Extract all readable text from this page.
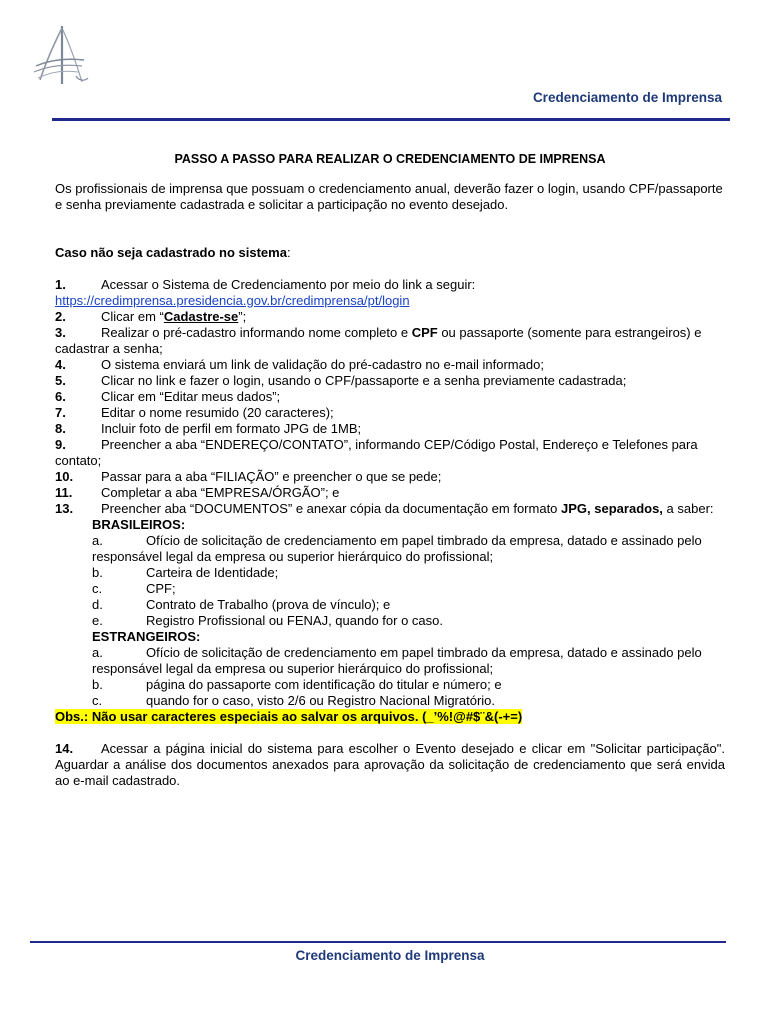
Credenciamento de Imprensa
PASSO A PASSO PARA REALIZAR O CREDENCIAMENTO DE IMPRENSA

Os profissionais de imprensa que possuam o credenciamento anual, deverão fazer o login, usando CPF/passaporte e senha previamente cadastrada e solicitar a participação no evento desejado.

Caso não seja cadastrado no sistema:
1.	Acessar o Sistema de Credenciamento por meio do link a seguir:
https://credimprensa.presidencia.gov.br/credimprensa/pt/login
2.	Clicar em “Cadastre-se”;
3.	Realizar o pré-cadastro informando nome completo e CPF ou passaporte (somente para estrangeiros) e cadastrar a senha;
4.	O sistema enviará um link de validação do pré-cadastro no e-mail informado;
5.	Clicar no link e fazer o login, usando o CPF/passaporte e a senha previamente cadastrada;
6.	Clicar em “Editar meus dados”;
7.	Editar o nome resumido (20 caracteres);
8.	Incluir foto de perfil em formato JPG de 1MB;
9.	Preencher a aba “ENDEREÇO/CONTATO”, informando CEP/Código Postal, Endereço e Telefones para contato;
10. Passar para a aba “FILIAÇÃO” e preencher o que se pede;
11. Completar a aba “EMPRESA/ÓRGÃO”; e
13. Preencher aba “DOCUMENTOS” e anexar cópia da documentação em formato JPG, separados, a saber:
BRASILEIROS:
a.	Ofício de solicitação de credenciamento em papel timbrado da empresa, datado e assinado pelo responsável legal da empresa ou superior hierárquico do profissional;
b.	Carteira de Identidade;
c.	CPF;
d.	Contrato de Trabalho (prova de vínculo); e
e.	Registro Profissional ou FENAJ, quando for o caso.
ESTRANGEIROS:
a.	Ofício de solicitação de credenciamento em papel timbrado da empresa, datado e assinado pelo responsável legal da empresa ou superior hierárquico do profissional;
b.	página do passaporte com identificação do titular e número; e
c.	quando for o caso, visto 2/6 ou Registro Nacional Migratório.
Obs.: Não usar caracteres especiais ao salvar os arquivos. (_’%!@#$¨&(-+=)
14. Acessar a página inicial do sistema para escolher o Evento desejado e clicar em "Solicitar participação". Aguardar a análise dos documentos anexados para aprovação da solicitação de credenciamento que será envida ao e-mail cadastrado.
Credenciamento de Imprensa
